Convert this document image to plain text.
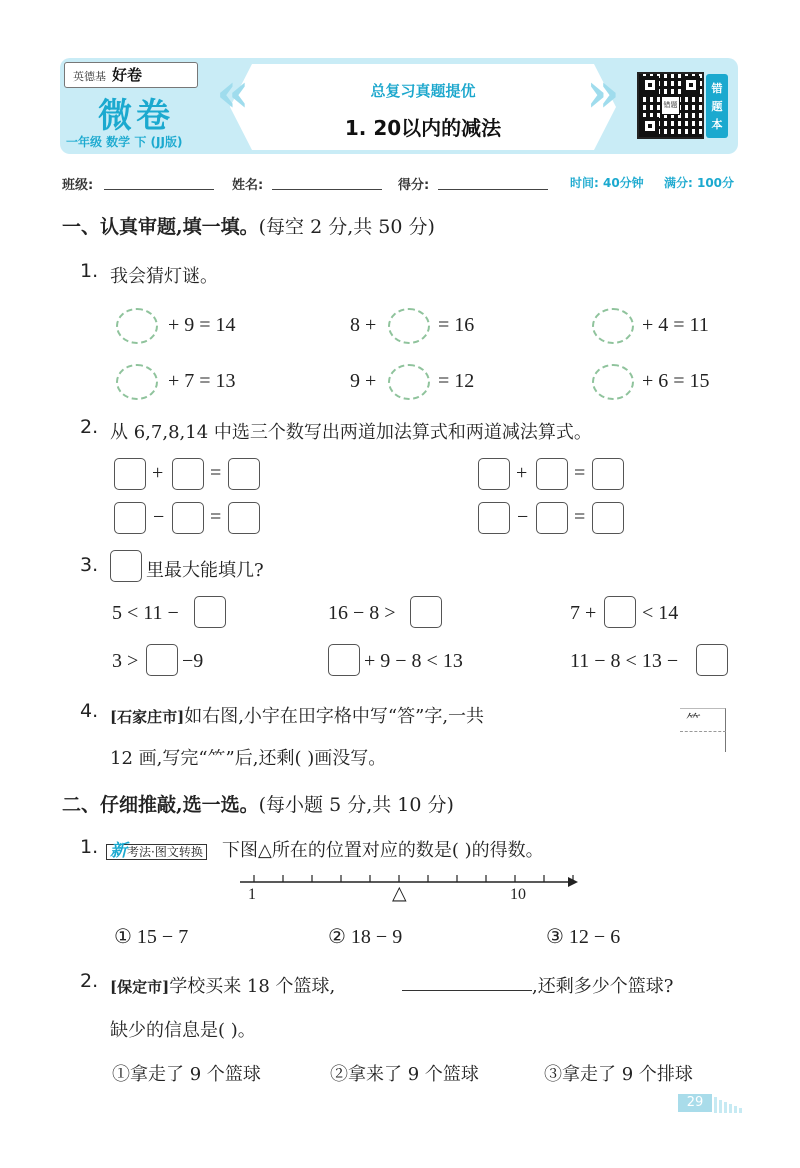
英德基 好卷
微卷
一年级 数学 下 (JJ版)
«	»
总复习真题提优
1. 20以内的减法
错题
错
题
本
班级:	姓名:	得分:	时间: 40分钟 满分: 100分
一、认真审题,填一填。(每空 2 分,共 50 分)
1. 我会猜灯谜。
+ 9 = 14	8 +	= 16	+ 4 = 11
+ 7 = 13	9 +	= 12	+ 6 = 15
2. 从 6,7,8,14 中选三个数写出两道加法算式和两道减法算式。
+ =
− =
+ =
− =
3.	里最大能填几?
5 < 11 −	16 − 8 >	7 + < 14
3 > −9	+ 9 − 8 < 13	11 − 8 < 13 −
4. [石家庄市]如右图,小宇在田字格中写“答”字,一共
12 画,写完“⺮”后,还剩( )画没写。
⺮
二、仔细推敲,选一选。(每小题 5 分,共 10 分)
1. 新考法·图文转换 下图△所在的位置对应的数是( )的得数。
1	10
△
① 15 − 7	② 18 − 9	③ 12 − 6
2. [保定市]学校买来 18 个篮球,	,还剩多少个篮球?
缺少的信息是( )。
①拿走了 9 个篮球	②拿来了 9 个篮球	③拿走了 9 个排球
29
